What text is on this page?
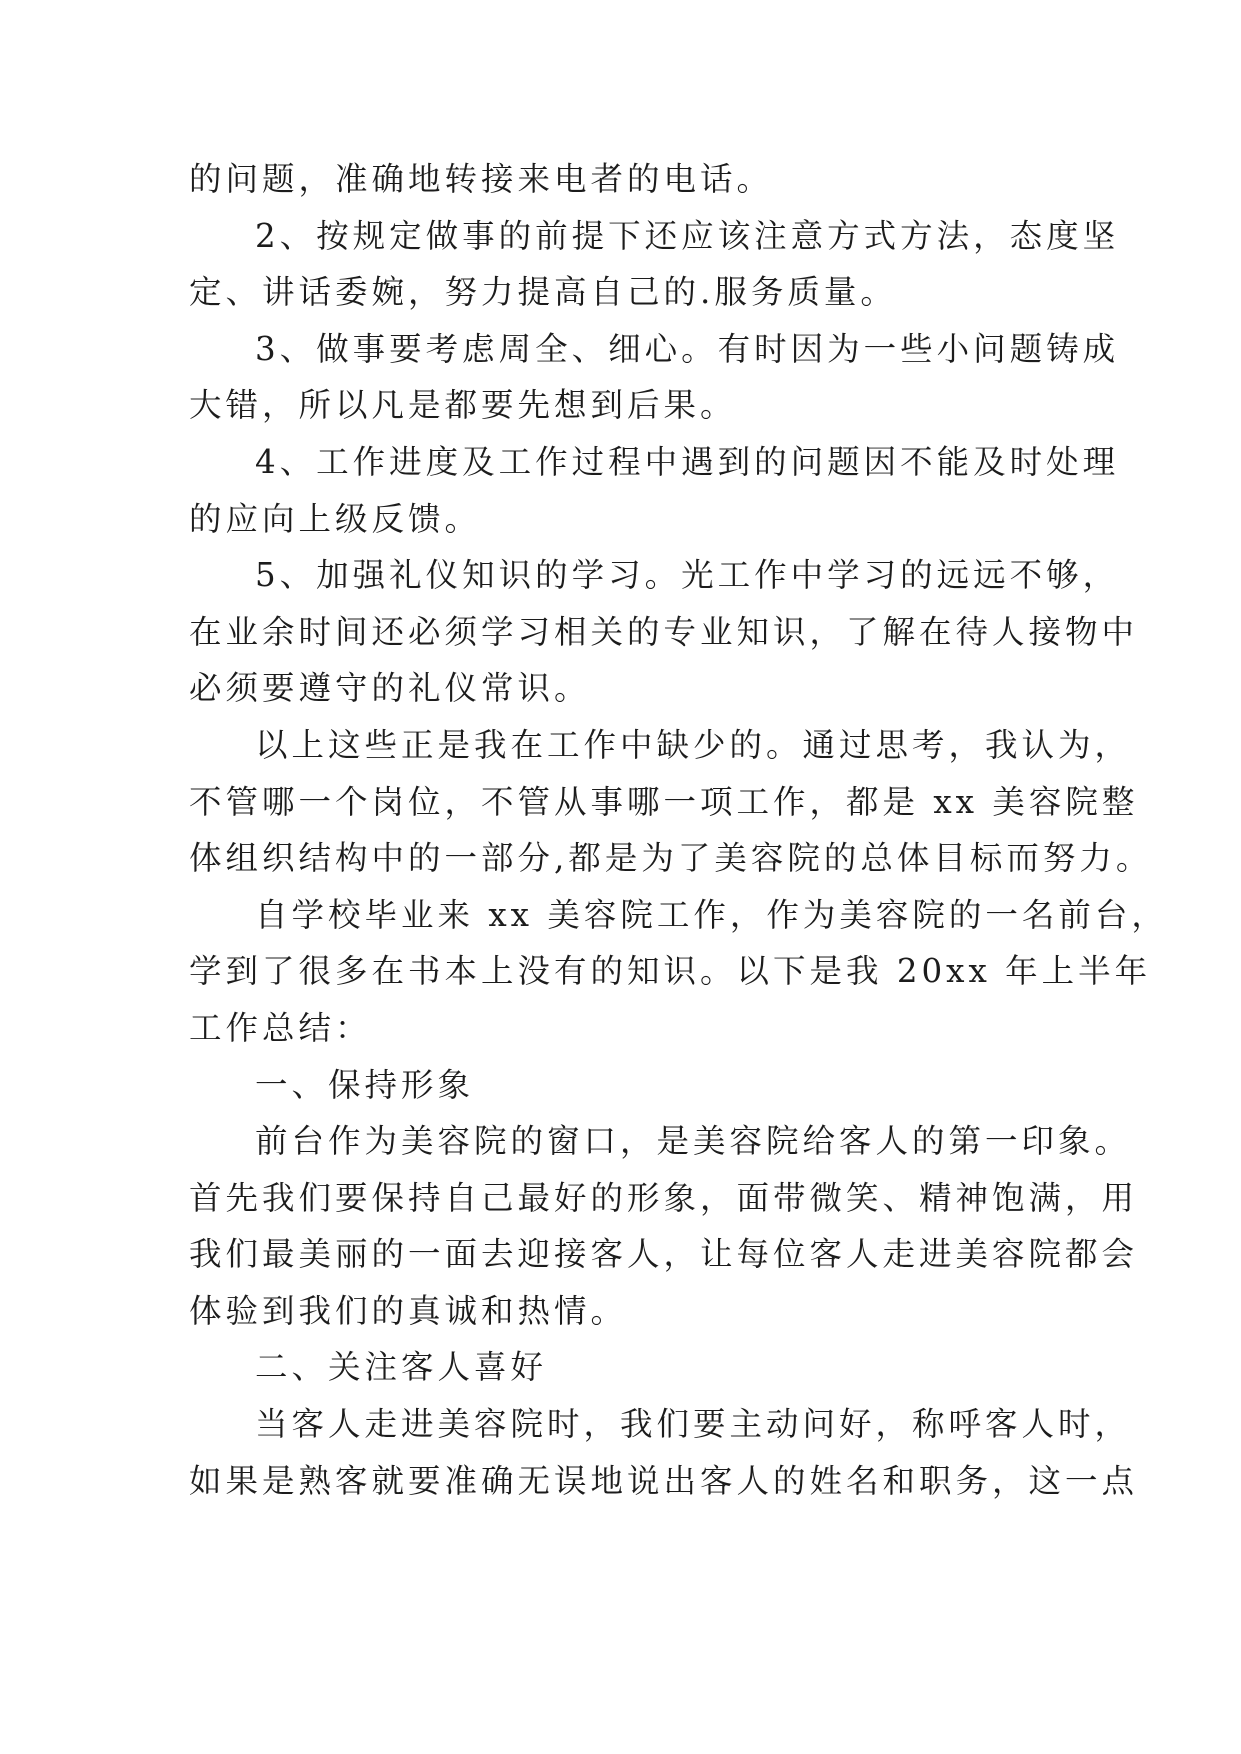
的问题，准确地转接来电者的电话。
2、按规定做事的前提下还应该注意方式方法，态度坚
定、讲话委婉，努力提高自己的.服务质量。
3、做事要考虑周全、细心。有时因为一些小问题铸成
大错，所以凡是都要先想到后果。
4、工作进度及工作过程中遇到的问题因不能及时处理
的应向上级反馈。
5、加强礼仪知识的学习。光工作中学习的远远不够，
在业余时间还必须学习相关的专业知识，了解在待人接物中
必须要遵守的礼仪常识。
以上这些正是我在工作中缺少的。通过思考，我认为，
不管哪一个岗位，不管从事哪一项工作，都是 xx 美容院整
体组织结构中的一部分,都是为了美容院的总体目标而努力。
自学校毕业来 xx 美容院工作，作为美容院的一名前台，
学到了很多在书本上没有的知识。以下是我 20xx 年上半年
工作总结：
一、保持形象
前台作为美容院的窗口，是美容院给客人的第一印象。
首先我们要保持自己最好的形象，面带微笑、精神饱满，用
我们最美丽的一面去迎接客人，让每位客人走进美容院都会
体验到我们的真诚和热情。
二、关注客人喜好
当客人走进美容院时，我们要主动问好，称呼客人时，
如果是熟客就要准确无误地说出客人的姓名和职务，这一点
